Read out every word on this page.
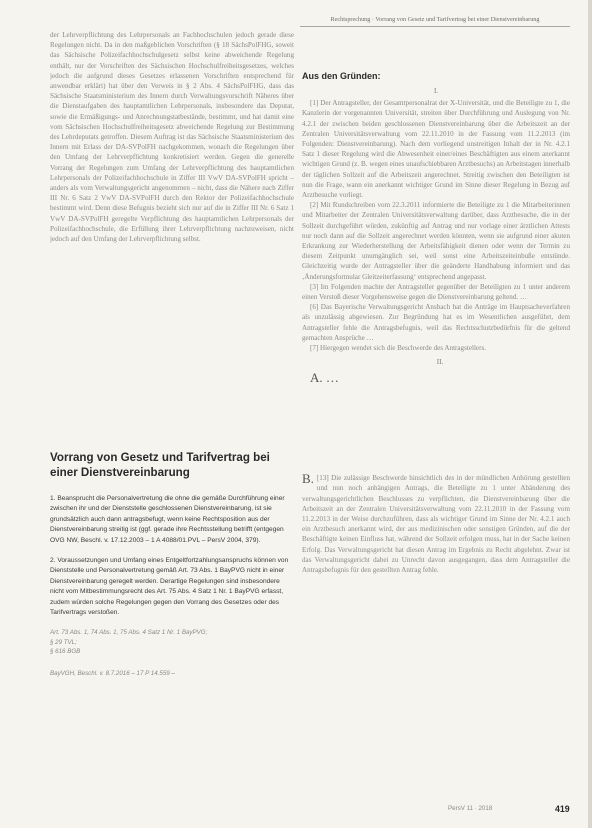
Rechtsprechung · Vorrang von Gesetz und Tarifvertrag bei einer Dienstvereinbarung

der Lehrverpflichtung des Lehrpersonals an Fachhochschulen jedoch gerade diese Regelungen nicht. Da in den maßgeblichen Vorschriften (§ 18 SächsPolFHG, soweit das Sächsische Polizeifachhochschulgesetz selbst keine abweichende Regelung enthält, nur der Vorschriften des Sächsischen Hochschulfreiheitsgesetzes, welches jedoch die aufgrund dieses Gesetzes erlassenen Vorschriften entsprechend für anwendbar erklärt) hat über den Verweis in § 2 Abs. 4 SächsPolFHG, dass das Sächsische Staatsministerium des Innern durch Verwaltungsvorschrift Näheres über die Dienstaufgaben des hauptamtlichen Lehrpersonals, insbesondere das Deputat, sowie die Ermäßigungs- und Anrechnungstatbestände, bestimmt, und hat damit eine vom Sächsischen Hochschulfreiheitsgesetz abweichende Regelung zur Bestimmung des Lehrdeputats getroffen. Diesem Auftrag ist das Sächsische Staatsministerium des Innern mit Erlass der DA-SVPolFH nachgekommen, wonach die Regelungen über den Umfang der Lehrverpflichtung konkretisiert werden. Gegen die generelle Vorrang der Regelungen zum Umfang der Lehrverpflichtung des hauptamtlichen Lehrpersonals der Polizeifachhochschule in Ziffer III VwV DA-SVPolFH spricht – anders als vom Verwaltungsgericht angenommen – nicht, dass die Nähere nach Ziffer III Nr. 6 Satz 2 VwV DA-SVPolFH durch den Rektor der Polizeifachhochschule bestimmt wird. Denn diese Befugnis bezieht sich nur auf die in Ziffer III Nr. 6 Satz 1 VwV DA-SVPolFH geregelte Verpflichtung des hauptamtlichen Lehrpersonals der Polizeifachhochschule, die Erfüllung ihrer Lehrverpflichtung nachzuweisen, nicht jedoch auf den Umfang der Lehrverpflichtung selbst.

Vorrang von Gesetz und Tarifvertrag bei einer Dienstvereinbarung

1. Beansprucht die Personalvertretung die ohne die gemäße Durchführung einer zwischen ihr und der Dienststelle geschlossenen Dienstvereinbarung, ist sie grundsätzlich auch dann antragsbefugt, wenn keine Rechtsposition aus der Dienstvereinbarung streitig ist (ggf. gerade ihre Rechtsstellung betrifft (entgegen OVG NW, Beschl. v. 17.12.2003 – 1 A 4088/01.PVL – PersV 2004, 379).

2. Voraussetzungen und Umfang eines Entgeltfortzahlungsanspruchs können von Dienststelle und Personalvertretung gemäß Art. 73 Abs. 1 BayPVG nicht in einer Dienstvereinbarung geregelt werden. Derartige Regelungen sind insbesondere nicht vom Mitbestimmungsrecht des Art. 75 Abs. 4 Satz 1 Nr. 1 BayPVG erfasst, zudem würden solche Regelungen gegen den Vorrang des Gesetzes oder des Tarifvertrags verstoßen.

Art. 73 Abs. 1, 74 Abs. 1, 75 Abs. 4 Satz 1 Nr. 1 BayPVG;
§ 29 TVL;
§ 616 BGB

BayVGH, Beschl. v. 8.7.2016 – 17 P 14.559 –

Aus den Gründen:

I.

[1] Der Antragsteller, der Gesamtpersonalrat der X-Universität, und die Beteiligte zu 1, die Kanzlerin der vorgenannten Universität, streiten über Durchführung und Auslegung von Nr. 4.2.1 der zwischen beiden geschlossenen Dienstvereinbarung über die Arbeitszeit an der Zentralen Universitätsverwaltung vom 22.11.2010 in der Fassung vom 11.2.2013 (im Folgenden: Dienstvereinbarung). Nach dem vorliegend unstreitigen Inhalt der in Nr. 4.2.1 Satz 1 dieser Regelung wird die Abwesenheit einer/eines Beschäftigten aus einem anerkannt wichtigen Grund (z. B. wegen eines unaufschiebbaren Arztbesuchs) an Arbeitstagen innerhalb der täglichen Sollzeit auf die Arbeitszeit angerechnet. Streitig zwischen den Beteiligten ist nun die Frage, wann ein anerkannt wichtiger Grund im Sinne dieser Regelung in Bezug auf Arztbesuche vorliegt.

[2] Mit Rundschreiben vom 22.3.2011 informierte die Beteiligte zu 1 die Mitarbeiterinnen und Mitarbeiter der Zentralen Universitätsverwaltung darüber, dass Arztbesuche, die in der Sollzeit durchgeführt würden, zukünftig auf Antrag und nur vorlage einer ärztlichen Attests nur noch dann auf die Sollzeit angerechnet werden könnten, wenn sie aufgrund einer akuten Erkrankung zur Wiederherstellung der Arbeitsfähigkeit dienen oder wenn der Termin zu diesem Zeitpunkt unumgänglich sei, weil sonst eine Arbeitszeiteinbuße entstünde. Gleichzeitig wurde der Antragsteller über die geänderte Handhabung informiert und das ‚Änderungsformular Gleitzeiterfassung‘ entsprechend angepasst.

[3] Im Folgenden machte der Antragsteller gegenüber der Beteiligten zu 1 unter anderem einen Verstoß dieser Vorgehensweise gegen die Dienstvereinbarung geltend. …

[6] Das Bayerische Verwaltungsgericht Ansbach hat die Anträge im Hauptsacheverfahren als unzulässig abgewiesen. Zur Begründung hat es im Wesentlichen ausgeführt, dem Antragsteller fehle die Antragsbefugnis, weil das Rechtsschutzbedürfnis für die geltend gemachten Ansprüche …

[7] Hiergegen wendet sich die Beschwerde des Antragstellers.

II.

A. …

B. [13] Die zulässige Beschwerde hinsichtlich des in der mündlichen Anhörung gestellten und nun noch anhängigen Antrags, die Beteiligte zu 1 unter Abänderung des verwaltungsgerichtlichen Beschlusses zu verpflichten, die Dienstvereinbarung über die Arbeitszeit an der Zentralen Universitätsverwaltung vom 22.11.2010 in der Fassung vom 11.2.2013 in der Weise durchzuführen, dass als wichtiger Grund im Sinne der Nr. 4.2.1 auch ein Arztbesuch anerkannt wird, der aus medizinischen oder sonstigen Gründen, auf die der Beschäftigte keinen Einfluss hat, während der Sollzeit erfolgen muss, hat in der Sache keinen Erfolg. Das Verwaltungsgericht hat diesen Antrag im Ergebnis zu Recht abgelehnt. Zwar ist das Verwaltungsgericht dabei zu Unrecht davon ausgegangen, dass dem Antragsteller die Antragsbefugnis für den gestellten Antrag fehle.

PersV 11 · 2018	419
